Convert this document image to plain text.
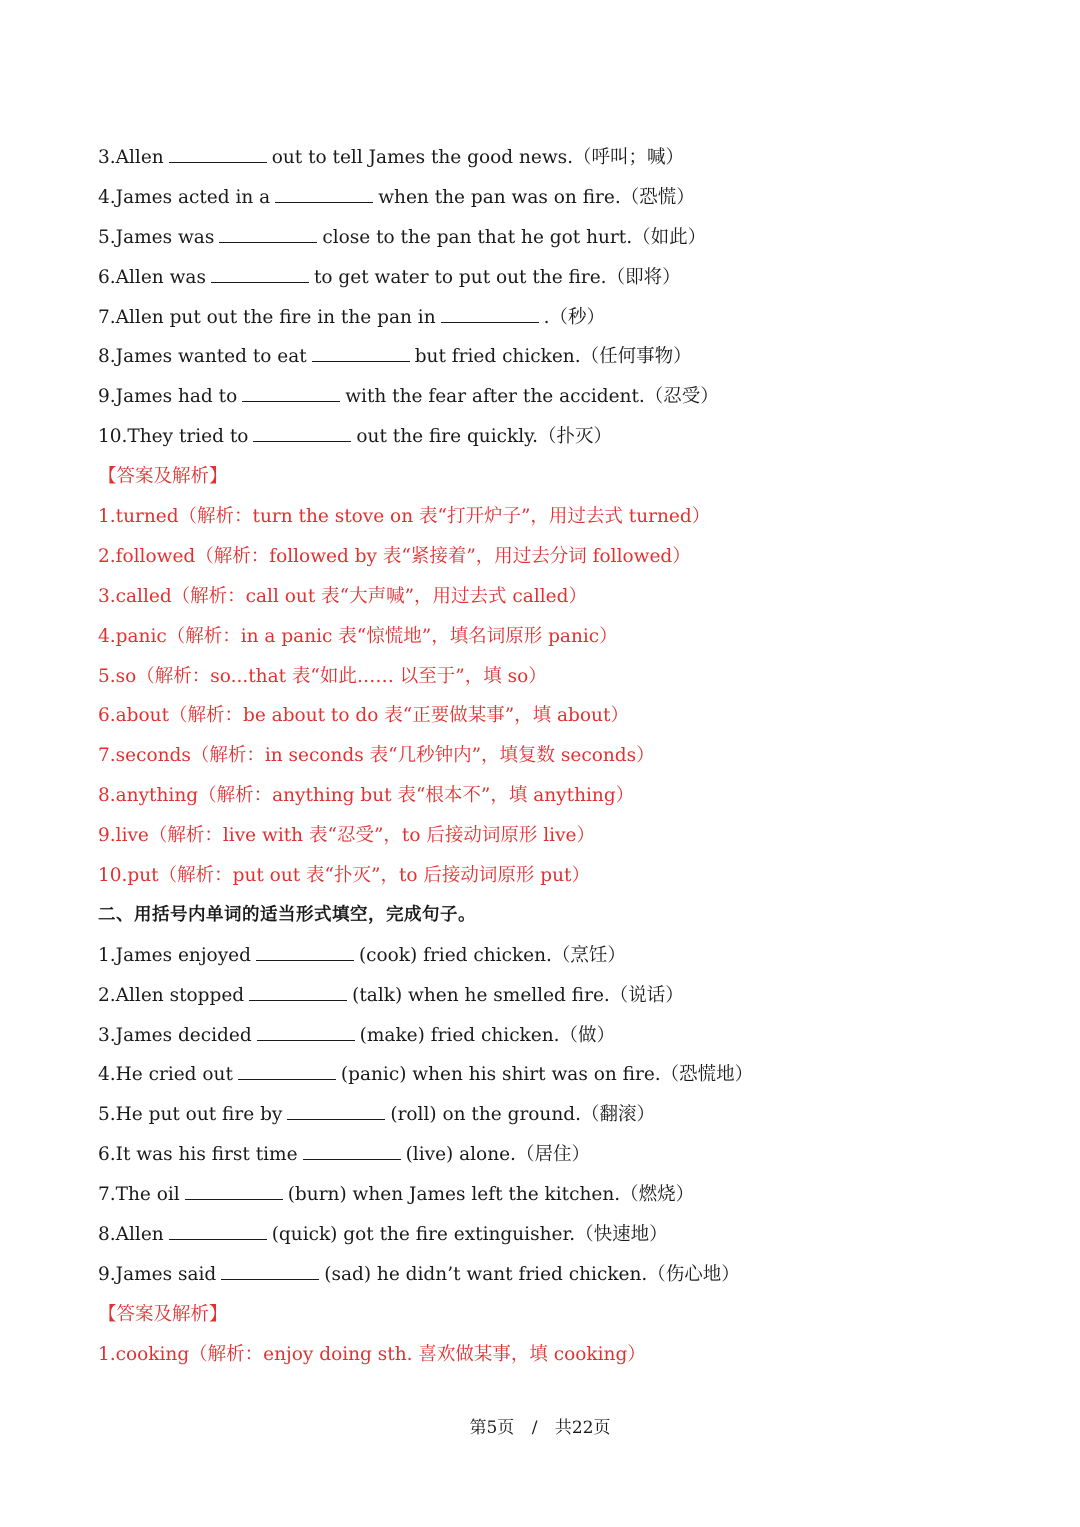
3.Allen	out to tell James the good news.（呼叫；喊）
4.James acted in a	when the pan was on fire.（恐慌）
5.James was	close to the pan that he got hurt.（如此）
6.Allen was	to get water to put out the fire.（即将）
7.Allen put out the fire in the pan in	.（秒）
8.James wanted to eat	but fried chicken.（任何事物）
9.James had to	with the fear after the accident.（忍受）
10.They tried to	out the fire quickly.（扑灭）
【答案及解析】
1.turned（解析：turn the stove on 表“打开炉子”，用过去式 turned）
2.followed（解析：followed by 表“紧接着”，用过去分词 followed）
3.called（解析：call out 表“大声喊”，用过去式 called）
4.panic（解析：in a panic 表“惊慌地”，填名词原形 panic）
5.so（解析：so...that 表“如此…… 以至于”，填 so）
6.about（解析：be about to do 表“正要做某事”，填 about）
7.seconds（解析：in seconds 表“几秒钟内”，填复数 seconds）
8.anything（解析：anything but 表“根本不”，填 anything）
9.live（解析：live with 表“忍受”，to 后接动词原形 live）
10.put（解析：put out 表“扑灭”，to 后接动词原形 put）
二、用括号内单词的适当形式填空，完成句子。
1.James enjoyed	(cook) fried chicken.（烹饪）
2.Allen stopped	(talk) when he smelled fire.（说话）
3.James decided	(make) fried chicken.（做）
4.He cried out	(panic) when his shirt was on fire.（恐慌地）
5.He put out fire by	(roll) on the ground.（翻滚）
6.It was his first time	(live) alone.（居住）
7.The oil	(burn) when James left the kitchen.（燃烧）
8.Allen	(quick) got the fire extinguisher.（快速地）
9.James said	(sad) he didn’t want fried chicken.（伤心地）
【答案及解析】
1.cooking（解析：enjoy doing sth. 喜欢做某事，填 cooking）
第5页 / 共22页
